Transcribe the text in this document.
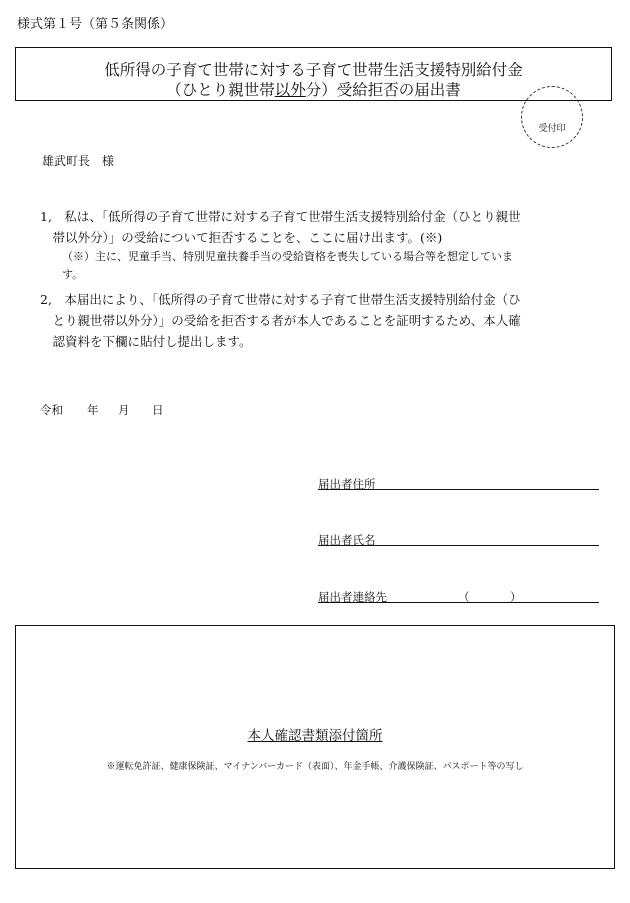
様式第１号（第５条関係）
低所得の子育て世帯に対する子育て世帯生活支援特別給付金
（ひとり親世帯以外分）受給拒否の届出書
受付印
雄武町長　様
1,　私は、「低所得の子育て世帯に対する子育て世帯生活支援特別給付金（ひとり親世
　帯以外分）」の受給について拒否することを、ここに届け出ます。(※)
（※）主に、児童手当、特別児童扶養手当の受給資格を喪失している場合等を想定していま
す。
2,　本届出により、「低所得の子育て世帯に対する子育て世帯生活支援特別給付金（ひ
　とり親世帯以外分）」の受給を拒否する者が本人であることを証明するため、本人確
　認資料を下欄に貼付し提出します。
令和 年 月 日
届出者住所
届出者氏名
届出者連絡先	（	）
本人確認書類添付箇所
※運転免許証、健康保険証、マイナンバーカード（表面）、年金手帳、介護保険証、パスポート等の写し
